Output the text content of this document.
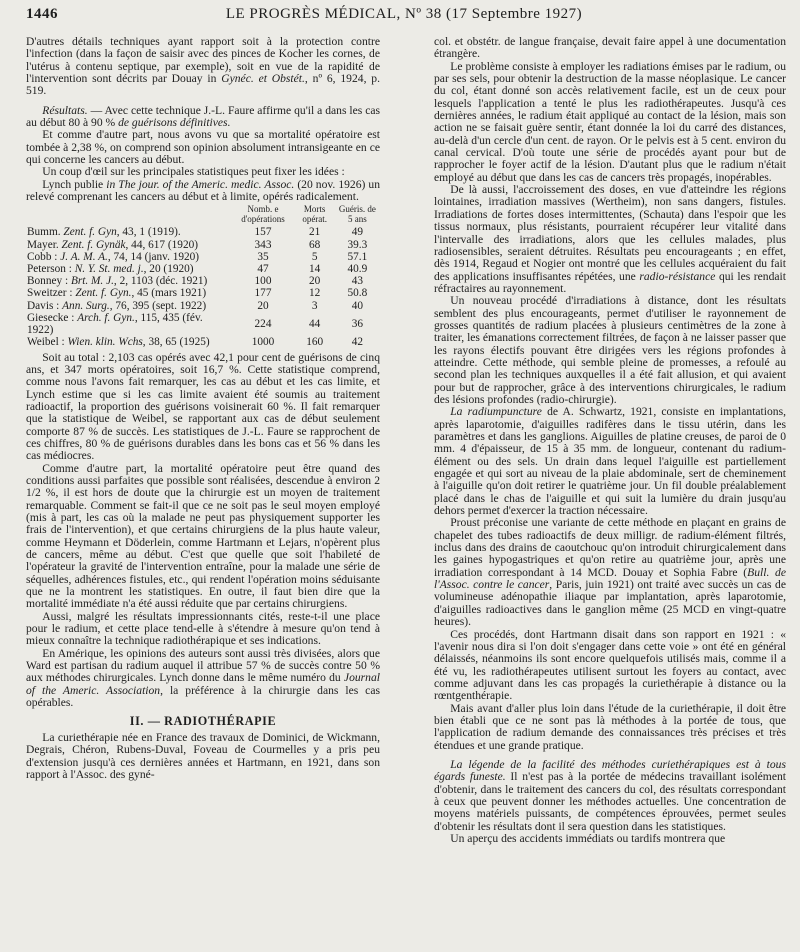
1446	LE PROGRÈS MÉDICAL, Nº 38 (17 Septembre 1927)

D'autres détails techniques ayant rapport soit à la protection contre l'infection (dans la façon de saisir avec des pinces de Kocher les cornes, de l'utérus à contenu septique, par exemple), soit en vue de la rapidité de l'intervention sont décrits par Douay in Gynéc. et Obstét., nº 6, 1924, p. 519.

Résultats. — Avec cette technique J.-L. Faure affirme qu'il a dans les cas au début 80 à 90 % de guérisons définitives.

Et comme d'autre part, nous avons vu que sa mortalité opératoire est tombée à 2,38 %, on comprend son opinion absolument intransigeante en ce qui concerne les cancers au début.

Un coup d'œil sur les principales statistiques peut fixer les idées :

Lynch publie in The jour. of the Americ. medic. Assoc. (20 nov. 1926) un relevé comprenant les cancers au début et à limite, opérés radicalement.

	Nomb. e d'opérations	Morts opérat.	Guéris. de 5 ans
Bumm. Zent. f. Gyn, 43, 1 (1919).	157	21	49
Mayer. Zent. f. Gynäk, 44, 617 (1920)	343	68	39.3
Cobb : J. A. M. A., 74, 14 (janv. 1920)	35	5	57.1
Peterson : N. Y. St. med. j., 20 (1920)	47	14	40.9
Bonney : Brt. M. J., 2, 1103 (déc. 1921)	100	20	43
Sweitzer : Zent. f. Gyn., 45 (mars 1921)	177	12	50.8
Davis : Ann. Surg., 76, 395 (sept. 1922)	20	3	40
Giesecke : Arch. f. Gyn., 115, 435 (fév. 1922)	224	44	36
Weibel : Wien. klin. Wchs, 38, 65 (1925)	1000	160	42

Soit au total : 2,103 cas opérés avec 42,1 pour cent de guérisons de cinq ans, et 347 morts opératoires, soit 16,7 %. Cette statistique comprend, comme nous l'avons fait remarquer, les cas au début et les cas limite, et Lynch estime que si les cas limite avaient été soumis au traitement radioactif, la proportion des guérisons voisinerait 60 %. Il fait remarquer que la statistique de Weibel, se rapportant aux cas de début seulement comporte 87 % de succès. Les statistiques de J.-L. Faure se rapprochent de ces chiffres, 80 % de guérisons durables dans les bons cas et 56 % dans les cas médiocres.

Comme d'autre part, la mortalité opératoire peut être quand des conditions aussi parfaites que possible sont réalisées, descendue à environ 2 1/2 %, il est hors de doute que la chirurgie est un moyen de traitement remarquable. Comment se fait-il que ce ne soit pas le seul moyen employé (mis à part, les cas où la malade ne peut pas physiquement supporter les frais de l'intervention), et que certains chirurgiens de la plus haute valeur, comme Heymann et Döderlein, comme Hartmann et Lejars, n'opèrent plus de cancers, même au début. C'est que quelle que soit l'habileté de l'opérateur la gravité de l'intervention entraîne, pour la malade une série de séquelles, adhérences fistules, etc., qui rendent l'opération moins séduisante que ne la montrent les statistiques. En outre, il faut bien dire que la mortalité immédiate n'a été aussi réduite que par certains chirurgiens.

Aussi, malgré les résultats impressionnants cités, reste-t-il une place pour le radium, et cette place tend-elle à s'étendre à mesure qu'on tend à mieux connaître la technique radiothérapique et ses indications.

En Amérique, les opinions des auteurs sont aussi très divisées, alors que Ward est partisan du radium auquel il attribue 57 % de succès contre 50 % aux méthodes chirurgicales. Lynch donne dans le même numéro du Journal of the Americ. Association, la préférence à la chirurgie dans les cas opérables.

II. — RADIOTHÉRAPIE

La curiethérapie née en France des travaux de Dominici, de Wickmann, Degrais, Chéron, Rubens-Duval, Foveau de Courmelles y a pris peu d'extension jusqu'à ces dernières années et Hartmann, en 1921, dans son rapport à l'Assoc. des gyné-

col. et obstétr. de langue française, devait faire appel à une documentation étrangère.

Le problème consiste à employer les radiations émises par le radium, ou par ses sels, pour obtenir la destruction de la masse néoplasique. Le cancer du col, étant donné son accès relativement facile, est un de ceux pour lesquels l'application a tenté le plus les radiothérapeutes. Jusqu'à ces dernières années, le radium était appliqué au contact de la lésion, mais son action ne se faisait guère sentir, étant donnée la loi du carré des distances, au-delà d'un cercle d'un cent. de rayon. Or le pelvis est à 5 cent. environ du canal cervical. D'où toute une série de procédés ayant pour but de rapprocher le foyer actif de la lésion. D'autant plus que le radium n'était employé au début que dans les cas de cancers très propagés, inopérables.

De là aussi, l'accroissement des doses, en vue d'atteindre les régions lointaines, irradiation massives (Wertheim), non sans dangers, fistules. Irradiations de fortes doses intermittentes, (Schauta) dans l'espoir que les tissus normaux, plus résistants, pourraient récupérer leur vitalité dans l'intervalle des irradiations, alors que les cellules malades, plus radiosensibles, seraient détruites. Résultats peu encourageants ; en effet, dès 1914, Regaud et Nogier ont montré que les cellules acquéraient du fait des applications insuffisantes répétées, une radio-résistance qui les rendait réfractaires au rayonnement.

Un nouveau procédé d'irradiations à distance, dont les résultats semblent des plus encourageants, permet d'utiliser le rayonnement de grosses quantités de radium placées à plusieurs centimètres de la zone à traiter, les émanations correctement filtrées, de façon à ne laisser passer que les rayons électifs pouvant être dirigées vers les régions profondes à atteindre. Cette méthode, qui semble pleine de promesses, a refoulé au second plan les techniques auxquelles il a été fait allusion, et qui avaient pour but de rapprocher, grâce à des interventions chirurgicales, le radium des lésions profondes (radio-chirurgie).

La radiumpuncture de A. Schwartz, 1921, consiste en implantations, après laparotomie, d'aiguilles radifères dans le tissu utérin, dans les paramètres et dans les ganglions. Aiguilles de platine creuses, de paroi de 0 mm. 4 d'épaisseur, de 15 à 35 mm. de longueur, contenant du radium-élément ou des sels. Un drain dans lequel l'aiguille est partiellement engagée et qui sort au niveau de la plaie abdominale, sert de cheminement à l'aiguille qu'on doit retirer le quatrième jour. Un fil double préalablement placé dans le chas de l'aiguille et qui suit la lumière du drain jusqu'au dehors permet d'exercer la traction nécessaire.

Proust préconise une variante de cette méthode en plaçant en grains de chapelet des tubes radioactifs de deux milligr. de radium-élément filtrés, inclus dans des drains de caoutchouc qu'on introduit chirurgicalement dans les gaines hypogastriques et qu'on retire au quatrième jour, après une irradiation correspondant à 14 MCD. Douay et Sophia Fabre (Bull. de l'Assoc. contre le cancer, Paris, juin 1921) ont traité avec succès un cas de volumineuse adénopathie iliaque par implantation, après laparotomie, d'aiguilles radioactives dans le ganglion même (25 MCD en vingt-quatre heures).

Ces procédés, dont Hartmann disait dans son rapport en 1921 : « l'avenir nous dira si l'on doit s'engager dans cette voie » ont été en général délaissés, néanmoins ils sont encore quelquefois utilisés mais, comme il a été vu, les radiothérapeutes utilisent surtout les foyers au contact, avec comme adjuvant dans les cas propagés la curiethérapie à distance ou la rœntgenthérapie.

Mais avant d'aller plus loin dans l'étude de la curiethérapie, il doit être bien établi que ce ne sont pas là méthodes à la portée de tous, que l'application de radium demande des connaissances très précises et très étendues et une grande pratique.

La légende de la facilité des méthodes curiethérapiques est à tous égards funeste. Il n'est pas à la portée de médecins travaillant isolément d'obtenir, dans le traitement des cancers du col, des résultats correspondant à ceux que peuvent donner les méthodes actuelles. Une concentration de moyens matériels puissants, de compétences éprouvées, permet seules d'obtenir les résultats dont il sera question dans les statistiques.

Un aperçu des accidents immédiats ou tardifs montrera que
